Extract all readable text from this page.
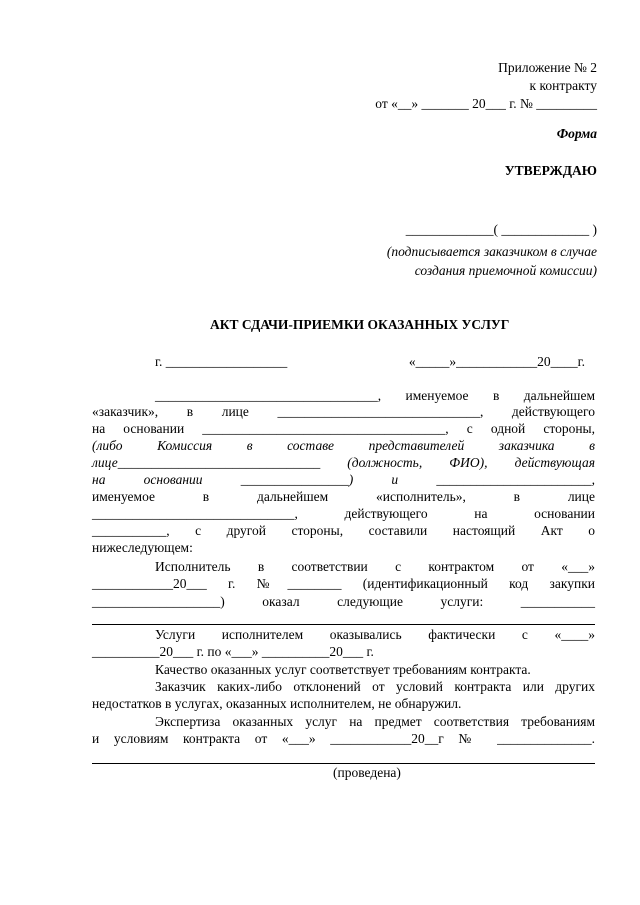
Приложение № 2
к контракту
от «__» _______ 20___ г. № _________
Форма
УТВЕРЖДАЮ
_____________( _____________ )
(подписывается заказчиком в случае
создания приемочной комиссии)
АКТ СДАЧИ-ПРИЕМКИ ОКАЗАННЫХ УСЛУГ
г. __________________	«_____»____________20____г.
_________________________________, именуемое в дальнейшем
«заказчик», в лице ______________________________, действующего
на основании ____________________________________, с одной стороны,
(либо Комиссия в составе представителей заказчика в
лице______________________________ (должность, ФИО), действующая
на основании ________________) и _______________________,
именуемое в дальнейшем «исполнитель», в лице
______________________________, действующего на основании
___________, с другой стороны, составили настоящий Акт о
нижеследующем:
Исполнитель в соответствии с контрактом от «___»
____________20___ г. №________ (идентификационный код закупки
___________________) оказал следующие услуги: ___________
Услуги исполнителем оказывались фактически с «____»
__________20___ г. по «___» __________20___ г.
Качество оказанных услуг соответствует требованиям контракта.
Заказчик каких-либо отклонений от условий контракта или других
недостатков в услугах, оказанных исполнителем, не обнаружил.
Экспертиза оказанных услуг на предмет соответствия требованиям
и условиям контракта от «___» ____________20__г № ______________.
(проведена)
